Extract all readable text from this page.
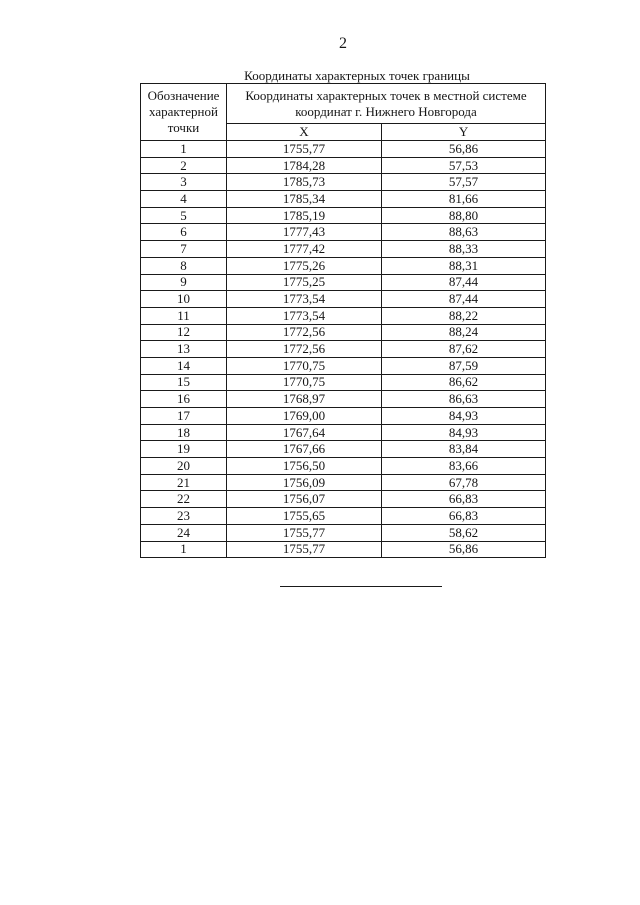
2
Координаты характерных точек границы
Обозначение
характерной
точки	Координаты характерных точек в местной системе
координат г. Нижнего Новгорода	

	X	Y
1	1755,77	56,86
2	1784,28	57,53
3	1785,73	57,57
4	1785,34	81,66
5	1785,19	88,80
6	1777,43	88,63
7	1777,42	88,33
8	1775,26	88,31
9	1775,25	87,44
10	1773,54	87,44
11	1773,54	88,22
12	1772,56	88,24
13	1772,56	87,62
14	1770,75	87,59
15	1770,75	86,62
16	1768,97	86,63
17	1769,00	84,93
18	1767,64	84,93
19	1767,66	83,84
20	1756,50	83,66
21	1756,09	67,78
22	1756,07	66,83
23	1755,65	66,83
24	1755,77	58,62
1	1755,77	56,86
